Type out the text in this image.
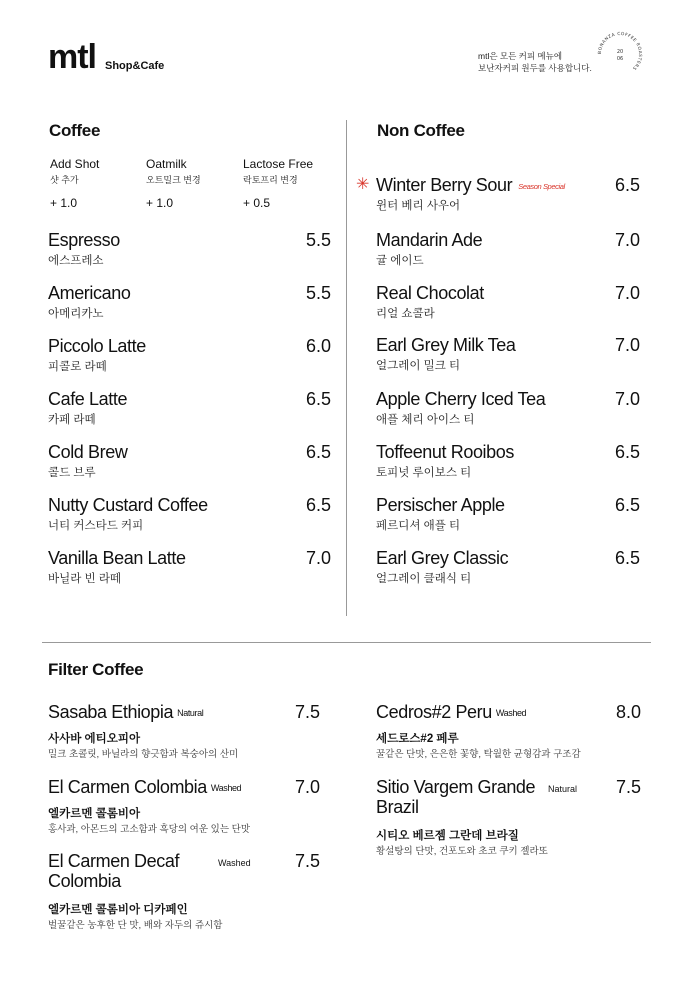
mtl Shop&Cafe
mtl은 모든 커피 메뉴에
보난자커피 원두를 사용합니다.
BONANZA COFFEE ROASTERS
20
06
Coffee
Add Shot
샷 추가
+ 1.0
Oatmilk
오트밀크 변경
+ 1.0
Lactose Free
락토프리 변경
+ 0.5
Espresso
에스프레소
5.5
Americano
아메리카노
5.5
Piccolo Latte
피콜로 라떼
6.0
Cafe Latte
카페 라떼
6.5
Cold Brew
콜드 브루
6.5
Nutty Custard Coffee
너티 커스타드 커피
6.5
Vanilla Bean Latte
바닐라 빈 라떼
7.0
Non Coffee
✳ Winter Berry Sour Season Special
윈터 베리 사우어
6.5
Mandarin Ade
귤 에이드
7.0
Real Chocolat
리얼 쇼콜라
7.0
Earl Grey Milk Tea
얼그레이 밀크 티
7.0
Apple Cherry Iced Tea
애플 체리 아이스 티
7.0
Toffeenut Rooibos
토피넛 루이보스 티
6.5
Persischer Apple
페르디셔 애플 티
6.5
Earl Grey Classic
얼그레이 클래식 티
6.5
Filter Coffee
Sasaba Ethiopia Natural	7.5
사사바 에티오피아
밀크 초콜릿, 바닐라의 향긋함과 복숭아의 산미
El Carmen Colombia Washed	7.0
엘카르멘 콜롬비아
홍사과, 아몬드의 고소함과 흑당의 여운 있는 단맛
El Carmen Decaf
Colombia
Washed 7.5
엘카르멘 콜롬비아 디카페인
벌꿀같은 농후한 단 맛, 배와 자두의 쥬시함
Cedros#2 Peru Washed	8.0
세드로스#2 페루
꿀같은 단맛, 은은한 꽃향, 탁월한 균형감과 구조감
Sitio Vargem Grande
Brazil
Natural 7.5
시티오 베르젬 그란데 브라질
황설탕의 단맛, 건포도와 초코 쿠키 젤라또
